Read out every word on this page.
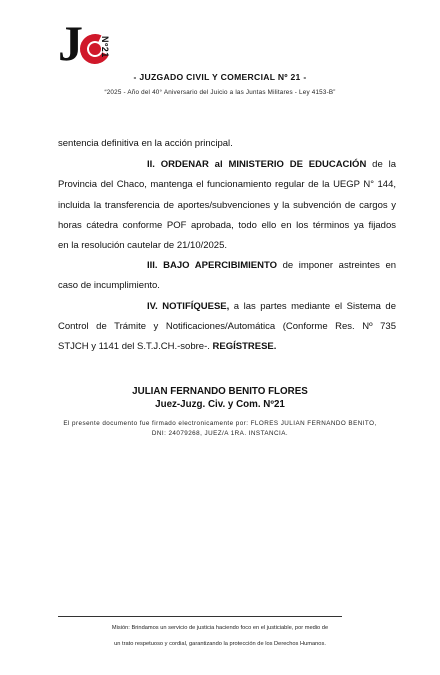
J Nº21
- JUZGADO CIVIL Y COMERCIAL Nº 21 -
“2025 - Año del 40° Aniversario del Juicio a las Juntas Militares - Ley 4153-B”
sentencia definitiva en la acción principal.
II. ORDENAR al MINISTERIO DE EDUCACIÓN de la
Provincia del Chaco, mantenga el funcionamiento regular de la UEGP N° 144,
incluida la transferencia de aportes/subvenciones y la subvención de cargos y
horas cátedra conforme POF aprobada, todo ello en los términos ya fijados
en la resolución cautelar de 21/10/2025.
III. BAJO APERCIBIMIENTO de imponer astreintes en
caso de incumplimiento.
IV. NOTIFÍQUESE, a las partes mediante el Sistema de
Control de Trámite y Notificaciones/Automática (Conforme Res. Nº 735
STJCH y 1141 del S.T.J.CH.-sobre-. REGÍSTRESE.
JULIAN FERNANDO BENITO FLORES
Juez-Juzg. Civ. y Com. Nº21
El presente documento fue firmado electronicamente por: FLORES JULIAN FERNANDO BENITO,
DNI: 24079268, JUEZ/A 1RA. INSTANCIA.
Misión: Brindamos un servicio de justicia haciendo foco en el justiciable, por medio de
un trato respetuoso y cordial, garantizando la protección de los Derechos Humanos.
